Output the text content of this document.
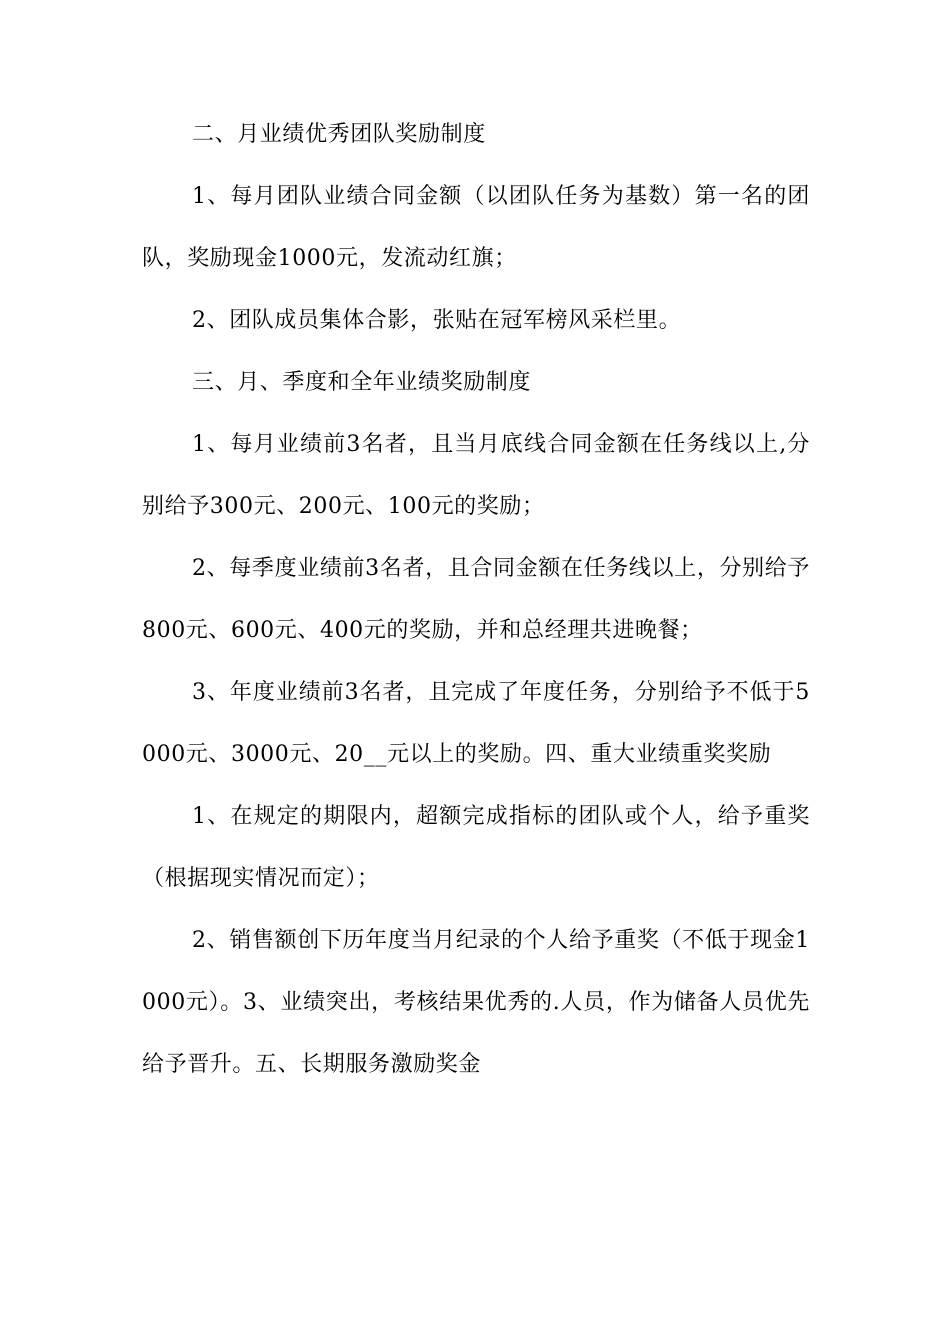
二、月业绩优秀团队奖励制度

1、每月团队业绩合同金额（以团队任务为基数）第一名的团队，奖励现金1000元，发流动红旗；

2、团队成员集体合影，张贴在冠军榜风采栏里。

三、月、季度和全年业绩奖励制度

1、每月业绩前3名者，且当月底线合同金额在任务线以上,分别给予300元、200元、100元的奖励；

2、每季度业绩前3名者，且合同金额在任务线以上，分别给予800元、600元、400元的奖励，并和总经理共进晚餐；

3、年度业绩前3名者，且完成了年度任务，分别给予不低于5000元、3000元、20__元以上的奖励。四、重大业绩重奖奖励

1、在规定的期限内，超额完成指标的团队或个人，给予重奖（根据现实情况而定）；

2、销售额创下历年度当月纪录的个人给予重奖（不低于现金1000元）。3、业绩突出，考核结果优秀的.人员，作为储备人员优先给予晋升。五、长期服务激励奖金
